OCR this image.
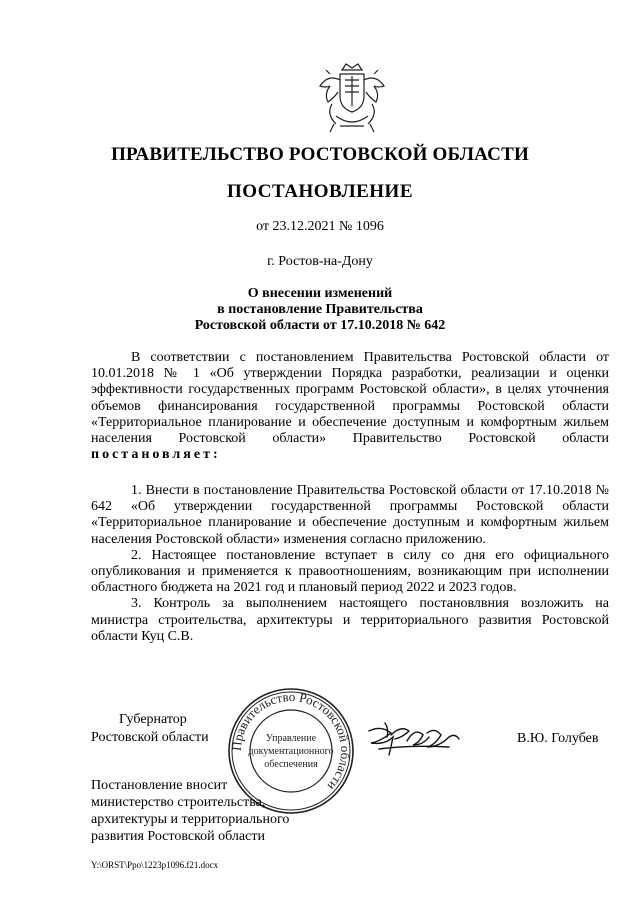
ПРАВИТЕЛЬСТВО РОСТОВСКОЙ ОБЛАСТИ
ПОСТАНОВЛЕНИЕ
от 23.12.2021 № 1096
г. Ростов-на-Дону
О внесении изменений
в постановление Правительства
Ростовской области от 17.10.2018 № 642

В соответствии с постановлением Правительства Ростовской области от 10.01.2018 № 1 «Об утверждении Порядка разработки, реализации и оценки эффективности государственных программ Ростовской области», в целях уточнения объемов финансирования государственной программы Ростовской области «Территориальное планирование и обеспечение доступным и комфортным жильем населения Ростовской области» Правительство Ростовской области постановляет:

1. Внести в постановление Правительства Ростовской области от 17.10.2018 № 642 «Об утверждении государственной программы Ростовской области «Территориальное планирование и обеспечение доступным и комфортным жильем населения Ростовской области» изменения согласно приложению.

2. Настоящее постановление вступает в силу со дня его официального опубликования и применяется к правоотношениям, возникающим при исполнении областного бюджета на 2021 год и плановый период 2022 и 2023 годов.

3. Контроль за выполнением настоящего постановлвния возложить на министра строительства, архитектуры и территориального развития Ростовской области Куц С.В.

Правительство Ростовской области
Управление
документационного
обеспечения
Губернатор
Ростовской области	В.Ю. Голубев
Постановление вносит
министерство строительства,
архитектуры и территориального
развития Ростовской области
Y:\ORST\Ppo\1223p1096.f21.docx
